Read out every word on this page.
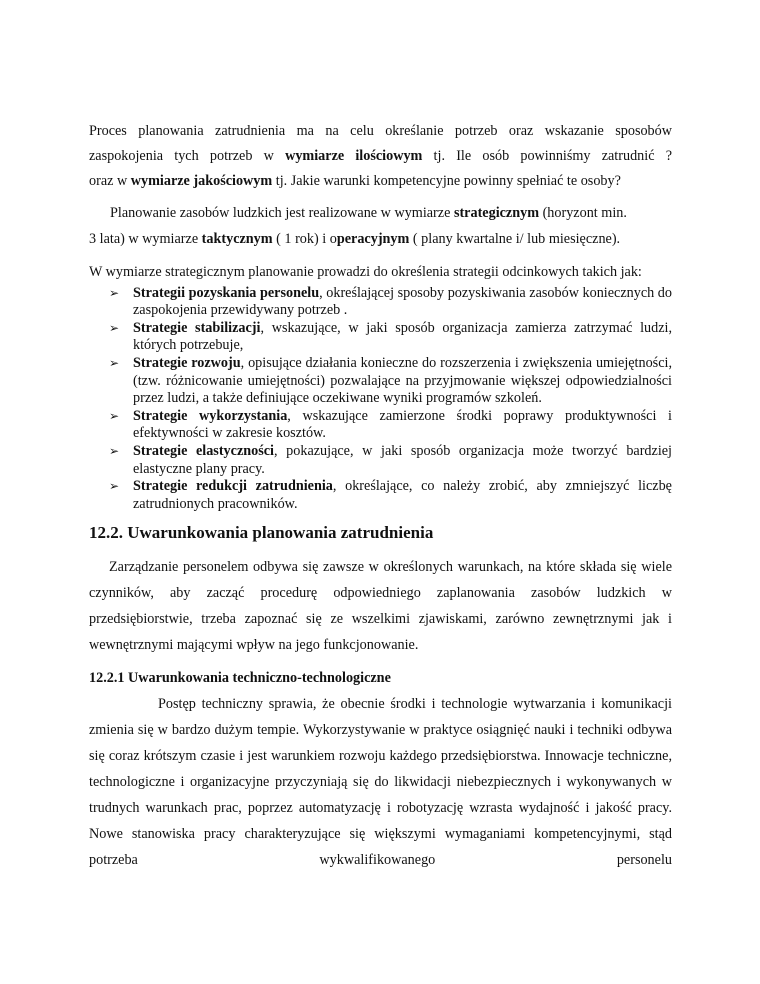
Proces planowania zatrudnienia ma na celu określanie potrzeb oraz wskazanie sposobów

zaspokojenia tych potrzeb w wymiarze ilościowym tj. Ile osób powinniśmy zatrudnić ?

oraz w wymiarze jakościowym tj. Jakie warunki kompetencyjne powinny spełniać te osoby?

Planowanie zasobów ludzkich jest realizowane w wymiarze strategicznym (horyzont min.

3 lata) w wymiarze taktycznym ( 1 rok) i operacyjnym ( plany kwartalne i/ lub miesięczne).

W wymiarze strategicznym planowanie prowadzi do określenia strategii odcinkowych takich jak:

➢ Strategii pozyskania personelu, określającej sposoby pozyskiwania zasobów koniecznych do zaspokojenia przewidywany potrzeb .
➢ Strategie stabilizacji, wskazujące, w jaki sposób organizacja zamierza zatrzymać ludzi, których potrzebuje,
➢ Strategie rozwoju, opisujące działania konieczne do rozszerzenia i zwiększenia umiejętności, (tzw. różnicowanie umiejętności) pozwalające na przyjmowanie większej odpowiedzialności przez ludzi, a także definiujące oczekiwane wyniki programów szkoleń.
➢ Strategie wykorzystania, wskazujące zamierzone środki poprawy produktywności i efektywności w zakresie kosztów.
➢ Strategie elastyczności, pokazujące, w jaki sposób organizacja może tworzyć bardziej elastyczne plany pracy.
➢ Strategie redukcji zatrudnienia, określające, co należy zrobić, aby zmniejszyć liczbę zatrudnionych pracowników.
12.2. Uwarunkowania planowania zatrudnienia

Zarządzanie personelem odbywa się zawsze w określonych warunkach, na które składa się wiele czynników, aby zacząć procedurę odpowiedniego zaplanowania zasobów ludzkich w przedsiębiorstwie, trzeba zapoznać się ze wszelkimi zjawiskami, zarówno zewnętrznymi jak i wewnętrznymi mającymi wpływ na jego funkcjonowanie.

12.2.1 Uwarunkowania techniczno-technologiczne

Postęp techniczny sprawia, że obecnie środki i technologie wytwarzania i komunikacji zmienia się w bardzo dużym tempie. Wykorzystywanie w praktyce osiągnięć nauki i techniki odbywa się coraz krótszym czasie i jest warunkiem rozwoju każdego przedsiębiorstwa. Innowacje techniczne, technologiczne i organizacyjne przyczyniają się do likwidacji niebezpiecznych i wykonywanych w trudnych warunkach prac, poprzez automatyzację i robotyzację wzrasta wydajność i jakość pracy. Nowe stanowiska pracy charakteryzujące się większymi wymaganiami kompetencyjnymi, stąd potrzeba wykwalifikowanego personelu
